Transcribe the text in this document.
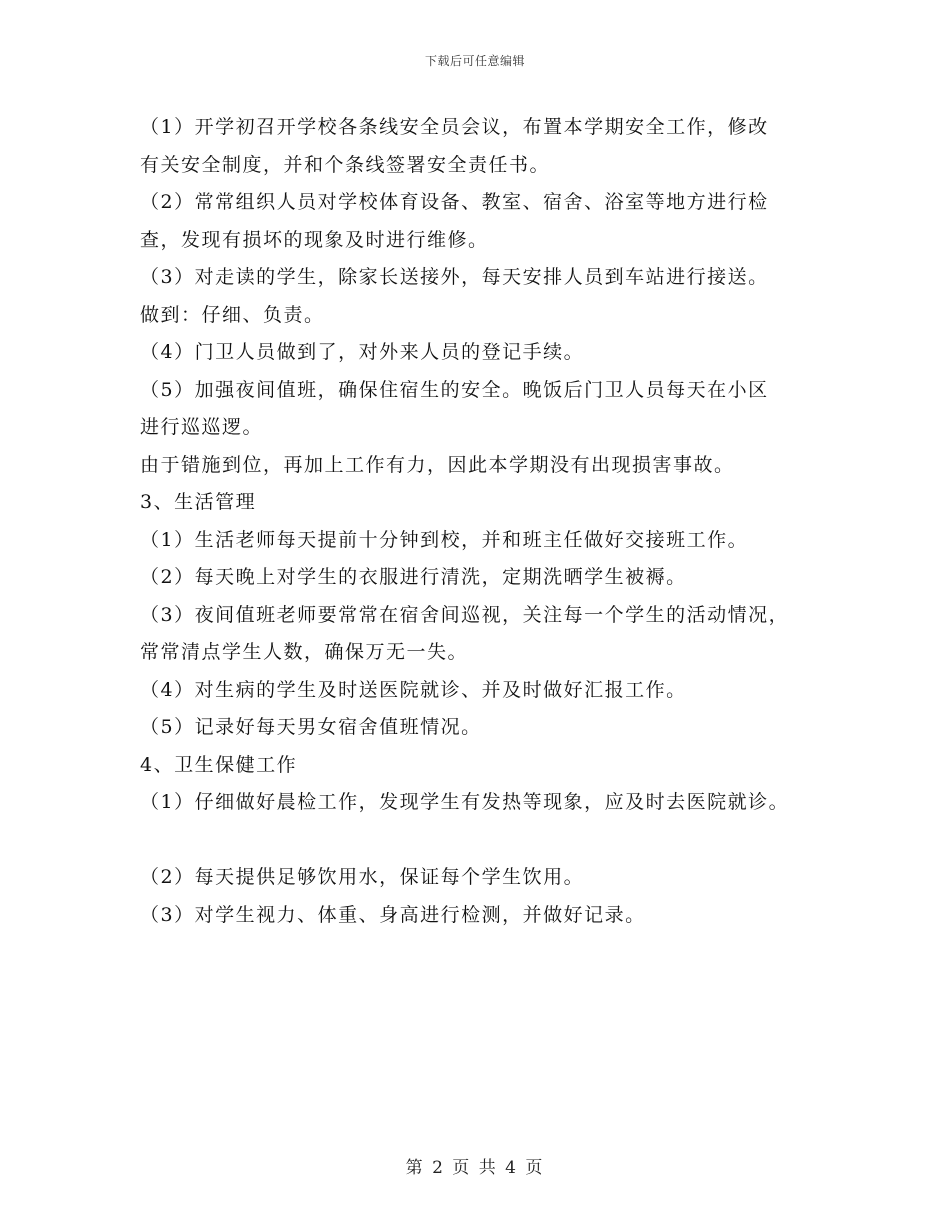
下载后可任意编辑
（1）开学初召开学校各条线安全员会议，布置本学期安全工作，修改
有关安全制度，并和个条线签署安全责任书。
（2）常常组织人员对学校体育设备、教室、宿舍、浴室等地方进行检
查，发现有损坏的现象及时进行维修。
（3）对走读的学生，除家长送接外，每天安排人员到车站进行接送。
做到：仔细、负责。
（4）门卫人员做到了，对外来人员的登记手续。
（5）加强夜间值班，确保住宿生的安全。晚饭后门卫人员每天在小区
进行巡巡逻。
由于错施到位，再加上工作有力，因此本学期没有出现损害事故。
3、生活管理
（1）生活老师每天提前十分钟到校，并和班主任做好交接班工作。
（2）每天晚上对学生的衣服进行清洗，定期洗晒学生被褥。
（3）夜间值班老师要常常在宿舍间巡视，关注每一个学生的活动情况，
常常清点学生人数，确保万无一失。
（4）对生病的学生及时送医院就诊、并及时做好汇报工作。
（5）记录好每天男女宿舍值班情况。
4、卫生保健工作
（1）仔细做好晨检工作，发现学生有发热等现象，应及时去医院就诊。
（2）每天提供足够饮用水，保证每个学生饮用。
（3）对学生视力、体重、身高进行检测，并做好记录。
第 2 页 共 4 页
